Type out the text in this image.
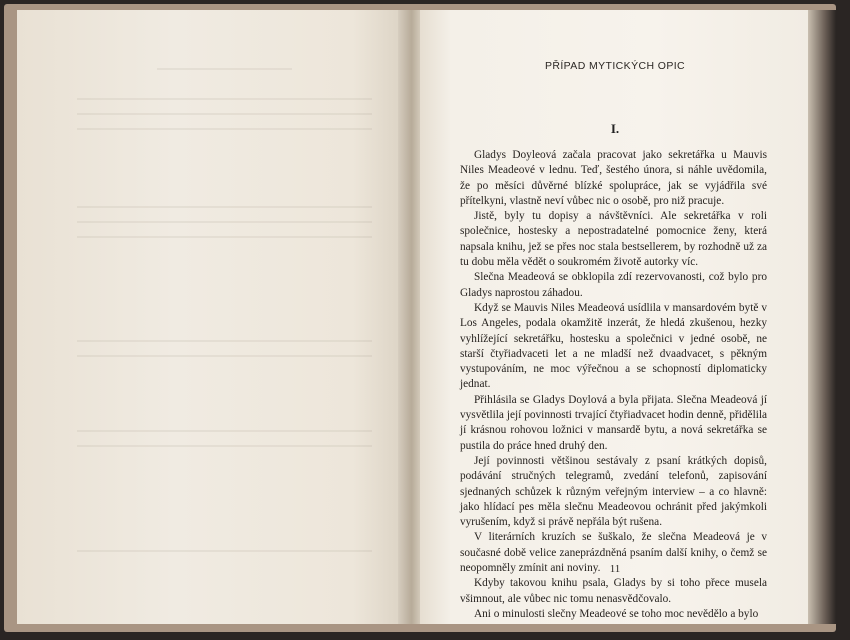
PŘÍPAD MYTICKÝCH OPIC
I.

Gladys Doyleová začala pracovat jako sekretářka u Mauvis Niles Meadeové v lednu. Teď, šestého února, si náhle uvědomila, že po měsíci důvěrné blízké spolupráce, jak se vyjádřila své přítelkyni, vlastně neví vůbec nic o osobě, pro niž pracuje.

Jistě, byly tu dopisy a návštěvníci. Ale sekretářka v roli společnice, hostesky a nepostradatelné pomocnice ženy, která napsala knihu, jež se přes noc stala bestsellerem, by rozhodně už za tu dobu měla vědět o soukromém životě autorky víc.

Slečna Meadeová se obklopila zdí rezervovanosti, což bylo pro Gladys naprostou záhadou.

Když se Mauvis Niles Meadeová usídlila v mansardovém bytě v Los Angeles, podala okamžitě inzerát, že hledá zkušenou, hezky vyhlížející sekretářku, hostesku a společnici v jedné osobě, ne starší čtyřiadvaceti let a ne mladší než dvaadvacet, s pěkným vystupováním, ne moc výřečnou a se schopností diplomaticky jednat.

Přihlásila se Gladys Doylová a byla přijata. Slečna Meadeová jí vysvětlila její povinnosti trvající čtyřiadvacet hodin denně, přidělila jí krásnou rohovou ložnici v mansardě bytu, a nová sekretářka se pustila do práce hned druhý den.

Její povinnosti většinou sestávaly z psaní krátkých dopisů, podávání stručných telegramů, zvedání telefonů, zapisování sjednaných schůzek k různým veřejným interview – a co hlavně: jako hlídací pes měla slečnu Meadeovou ochránit před jakýmkoli vyrušením, když si právě nepřála být rušena.

V literárních kruzích se šuškalo, že slečna Meadeová je v současné době velice zaneprázdněná psaním další knihy, o čemž se neopomněly zmínit ani noviny.

Kdyby takovou knihu psala, Gladys by si toho přece musela všimnout, ale vůbec nic tomu nenasvědčovalo.

Ani o minulosti slečny Meadeové se toho moc nevědělo a bylo

11
